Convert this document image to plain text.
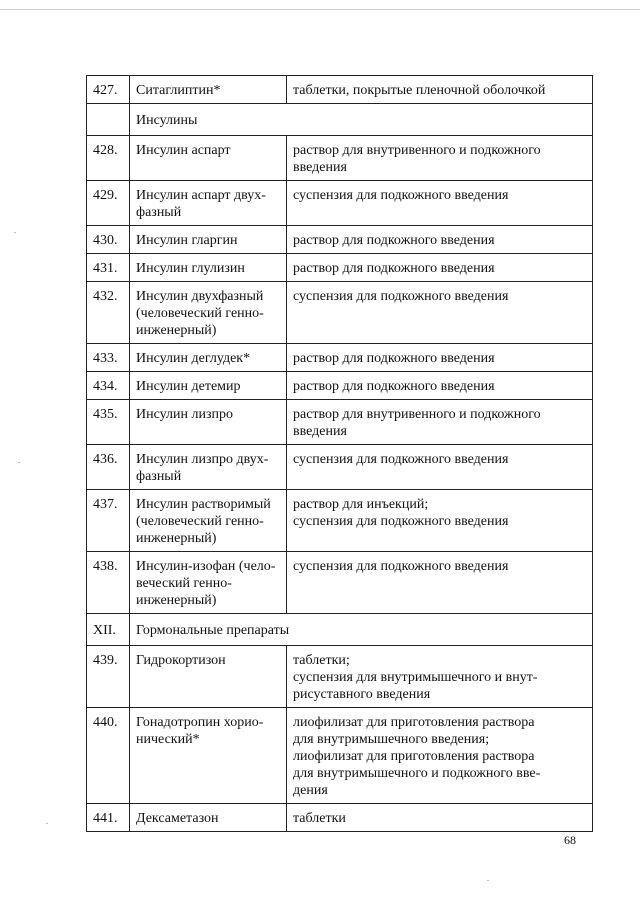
427.	Ситаглиптин*	таблетки, покрытые пленочной оболочкой

	Инсулины	
428.	Инсулин аспарт	раствор для внутривенного и подкожного
введения

429.	Инсулин аспарт двух-
фазный	суспензия для подкожного введения

430.	Инсулин гларгин	раствор для подкожного введения

431.	Инсулин глулизин	раствор для подкожного введения

432.	Инсулин двухфазный
(человеческий генно-
инженерный)	суспензия для подкожного введения

433.	Инсулин деглудек*	раствор для подкожного введения

434.	Инсулин детемир	раствор для подкожного введения

435.	Инсулин лизпро	раствор для внутривенного и подкожного
введения

436.	Инсулин лизпро двух-
фазный	суспензия для подкожного введения

437.	Инсулин растворимый
(человеческий генно-
инженерный)	раствор для инъекций;
суспензия для подкожного введения

438.	Инсулин-изофан (чело-
веческий генно-
инженерный)	суспензия для подкожного введения

XII.	Гормональные препараты	
439.	Гидрокортизон	таблетки;
суспензия для внутримышечного и внут-
рисуставного введения

440.	Гонадотропин хорио-
нический*	лиофилизат для приготовления раствора
для внутримышечного введения;
лиофилизат для приготовления раствора
для внутримышечного и подкожного вве-
дения

441.	Дексаметазон	таблетки
68
